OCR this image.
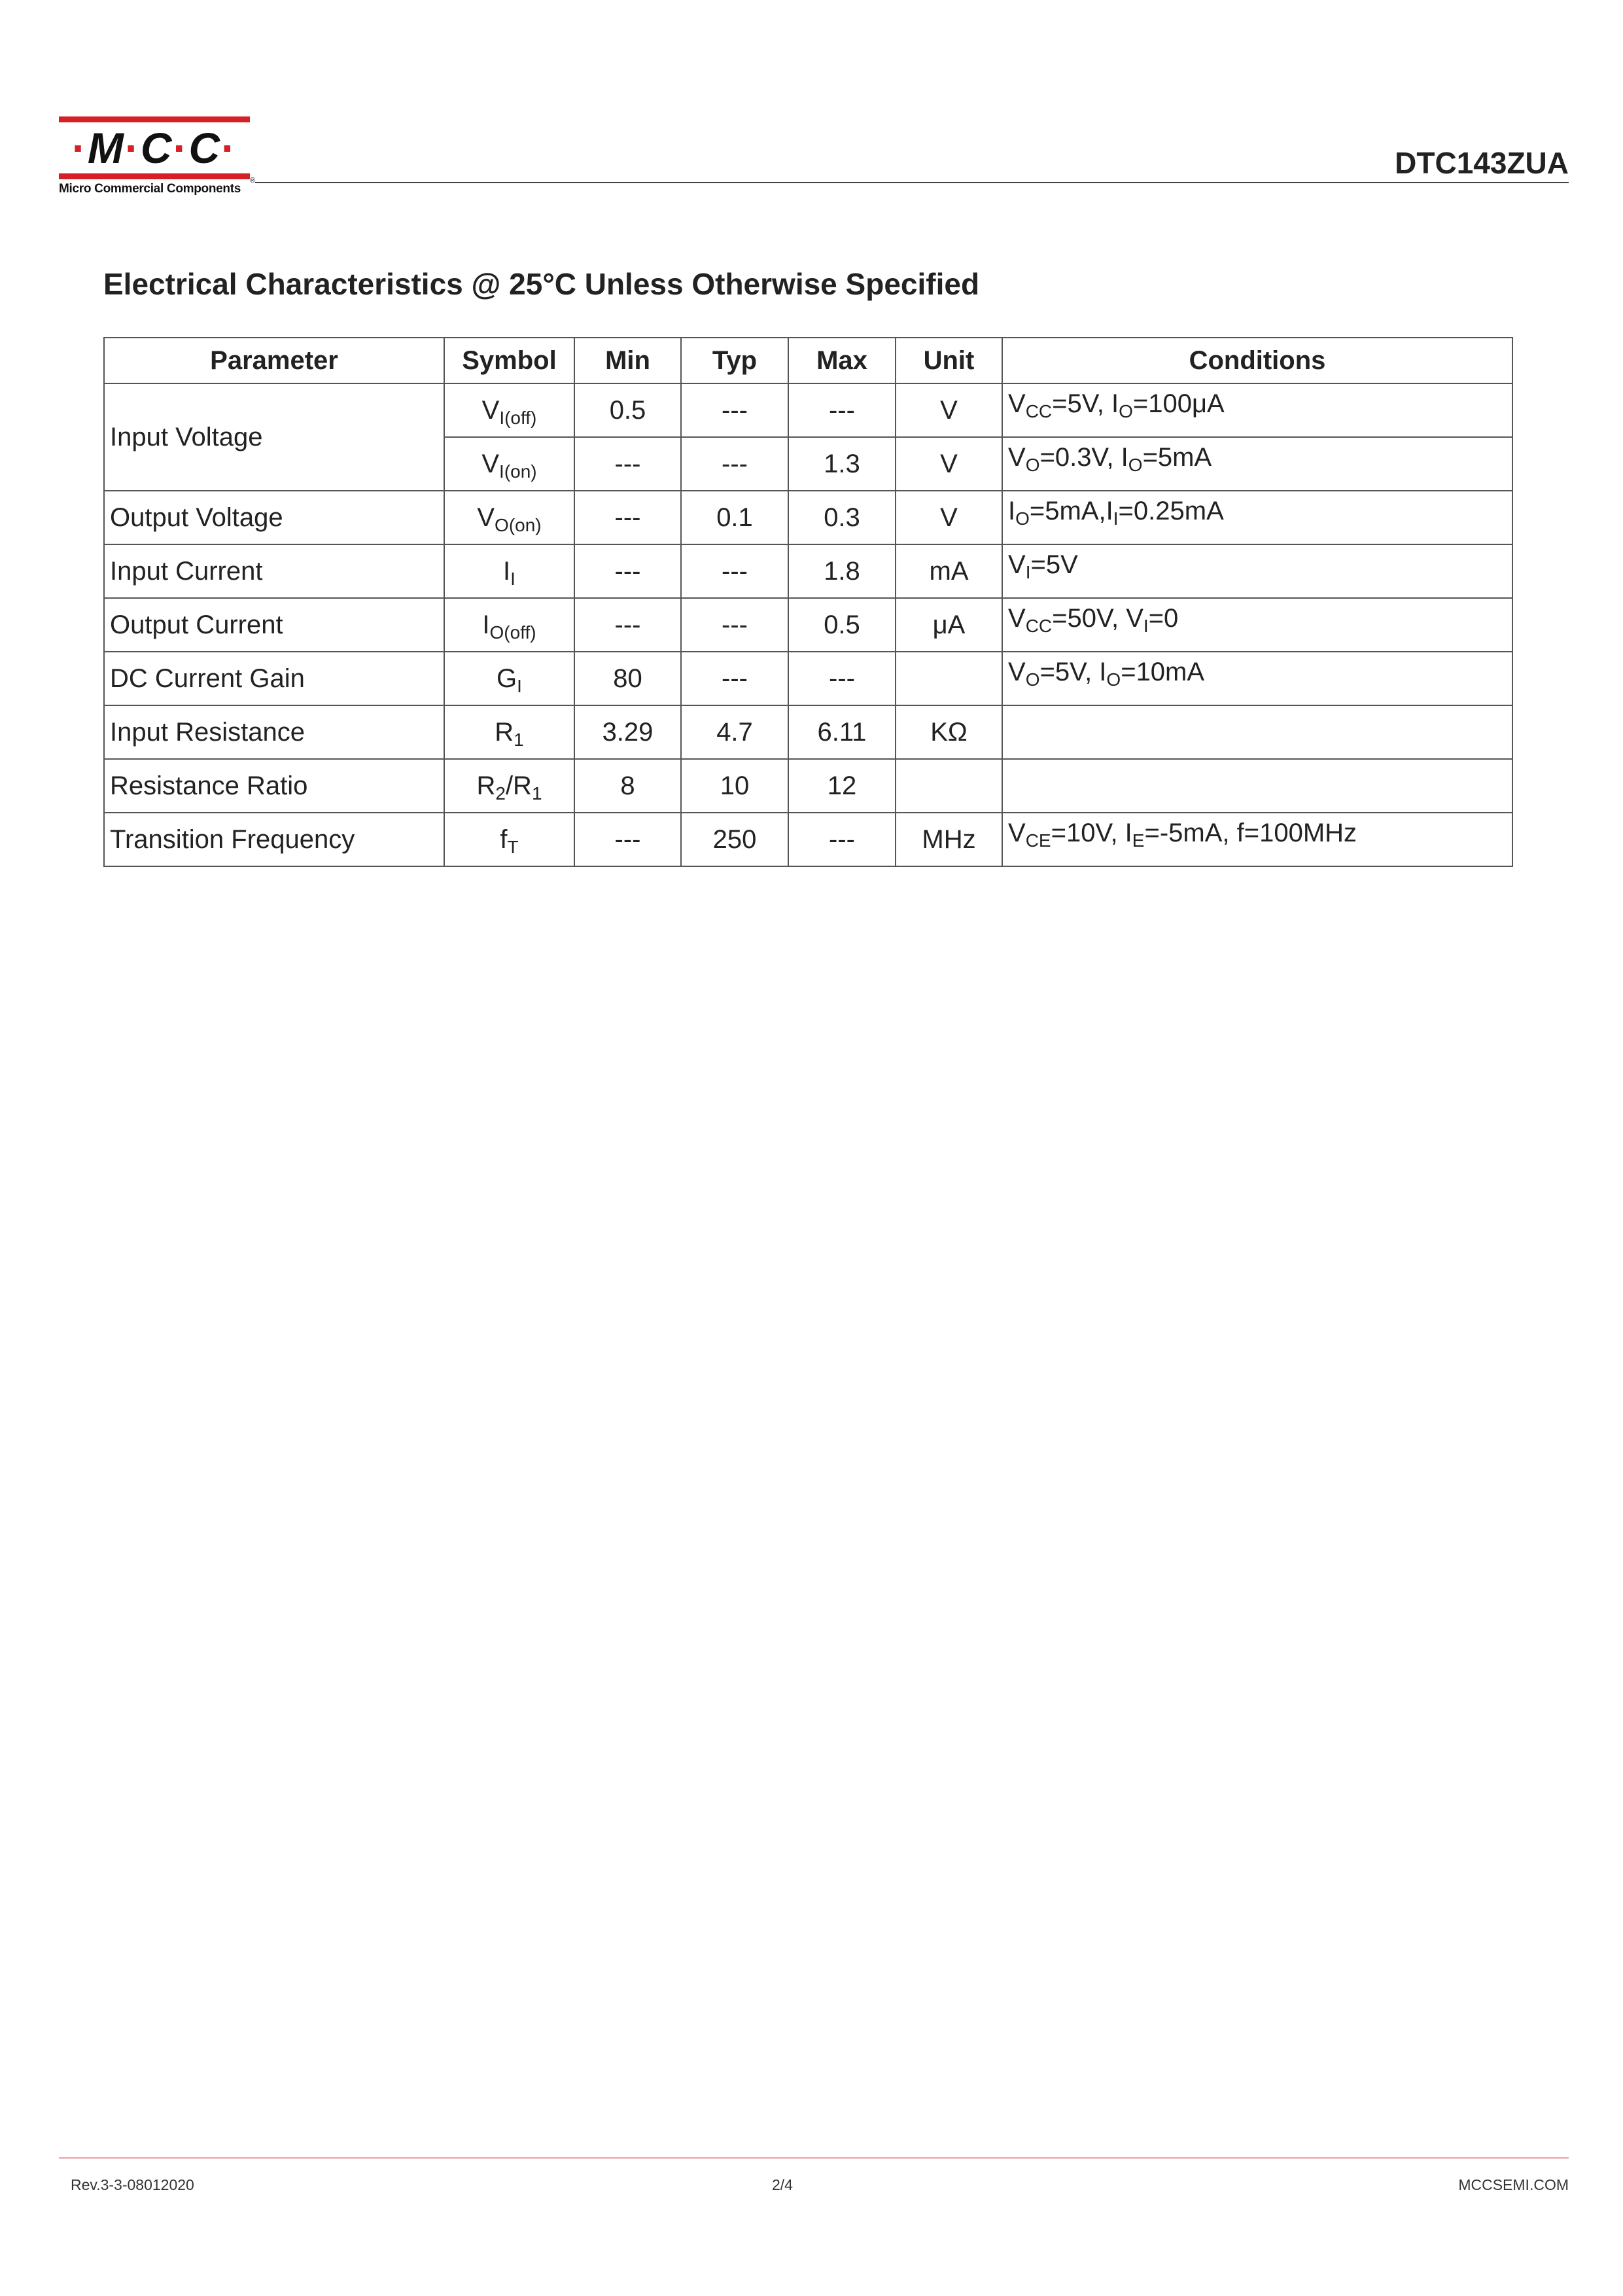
·M·C·C·
Micro Commercial Components
®
DTC143ZUA
Electrical Characteristics @ 25°C Unless Otherwise Specified
Parameter	Symbol	Min	Typ	Max	Unit	Conditions
Input Voltage	$V_{I(off)}$	0.5	---	---	V	$V_{CC}=5V$, $I_O=100\mu A$
	$V_{I(on)}$	---	---	1.3	V	$V_O=0.3V$, $I_O=5mA$
Output Voltage	$V_{O(on)}$	---	0.1	0.3	V	$I_O=5mA,I_I=0.25mA$
Input Current	$I_I$	---	---	1.8	mA	$V_I=5V$
Output Current	$I_{O(off)}$	---	---	0.5	μA	$V_{CC}=50V$, $V_I=0$
DC Current Gain	$G_I$	80	---	---		$V_O=5V$, $I_O=10mA$
Input Resistance	$R_1$	3.29	4.7	6.11	KΩ	
Resistance Ratio	$R_2/R_1$	8	10	12		
Transition Frequency	$f_T$	---	250	---	MHz	$V_{CE}=10V$, $I_E=-5mA$, f=100MHz
Rev.3-3-08012020	2/4	MCCSEMI.COM
